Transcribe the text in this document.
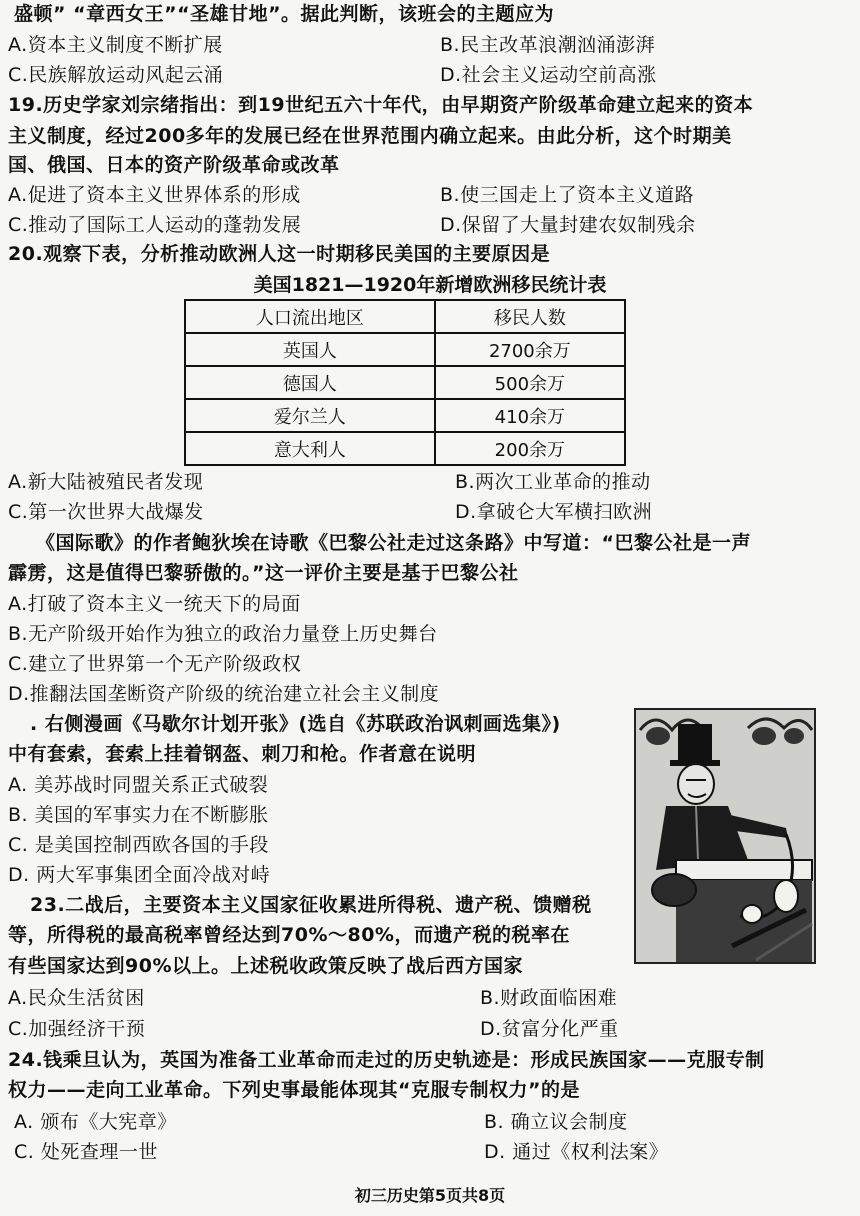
盛顿” “章西女王”“圣雄甘地”。据此判断，该班会的主题应为
A.资本主义制度不断扩展	B.民主改革浪潮汹涌澎湃
C.民族解放运动风起云涌	D.社会主义运动空前高涨
19.历史学家刘宗绪指出：到19世纪五六十年代，由早期资产阶级革命建立起来的资本
主义制度，经过200多年的发展已经在世界范围内确立起来。由此分析，这个时期美
国、俄国、日本的资产阶级革命或改革
A.促进了资本主义世界体系的形成	B.使三国走上了资本主义道路
C.推动了国际工人运动的蓬勃发展	D.保留了大量封建农奴制残余
20.观察下表，分析推动欧洲人这一时期移民美国的主要原因是
美国1821—1920年新增欧洲移民统计表
人口流出地区	移民人数
英国人	2700余万
德国人	500余万
爱尔兰人	410余万
意大利人	200余万
A.新大陆被殖民者发现	B.两次工业革命的推动
C.第一次世界大战爆发	D.拿破仑大军横扫欧洲
《国际歌》的作者鲍狄埃在诗歌《巴黎公社走过这条路》中写道：“巴黎公社是一声
霹雳，这是值得巴黎骄傲的。”这一评价主要是基于巴黎公社
A.打破了资本主义一统天下的局面
B.无产阶级开始作为独立的政治力量登上历史舞台
C.建立了世界第一个无产阶级政权
D.推翻法国垄断资产阶级的统治建立社会主义制度
. 右侧漫画《马歇尔计划开张》(选自《苏联政治讽刺画选集》)
中有套索，套索上挂着钢盔、刺刀和枪。作者意在说明
A. 美苏战时同盟关系正式破裂
B. 美国的军事实力在不断膨胀
C. 是美国控制西欧各国的手段
D. 两大军事集团全面冷战对峙
23.二战后，主要资本主义国家征收累进所得税、遗产税、馈赠税
等，所得税的最高税率曾经达到70%～80%，而遗产税的税率在
有些国家达到90%以上。上述税收政策反映了战后西方国家
A.民众生活贫困	B.财政面临困难
C.加强经济干预	D.贫富分化严重
24.钱乘旦认为，英国为准备工业革命而走过的历史轨迹是：形成民族国家——克服专制
权力——走向工业革命。下列史事最能体现其“克服专制权力”的是
A. 颁布《大宪章》	B. 确立议会制度
C. 处死查理一世	D. 通过《权利法案》
初三历史第5页共8页
